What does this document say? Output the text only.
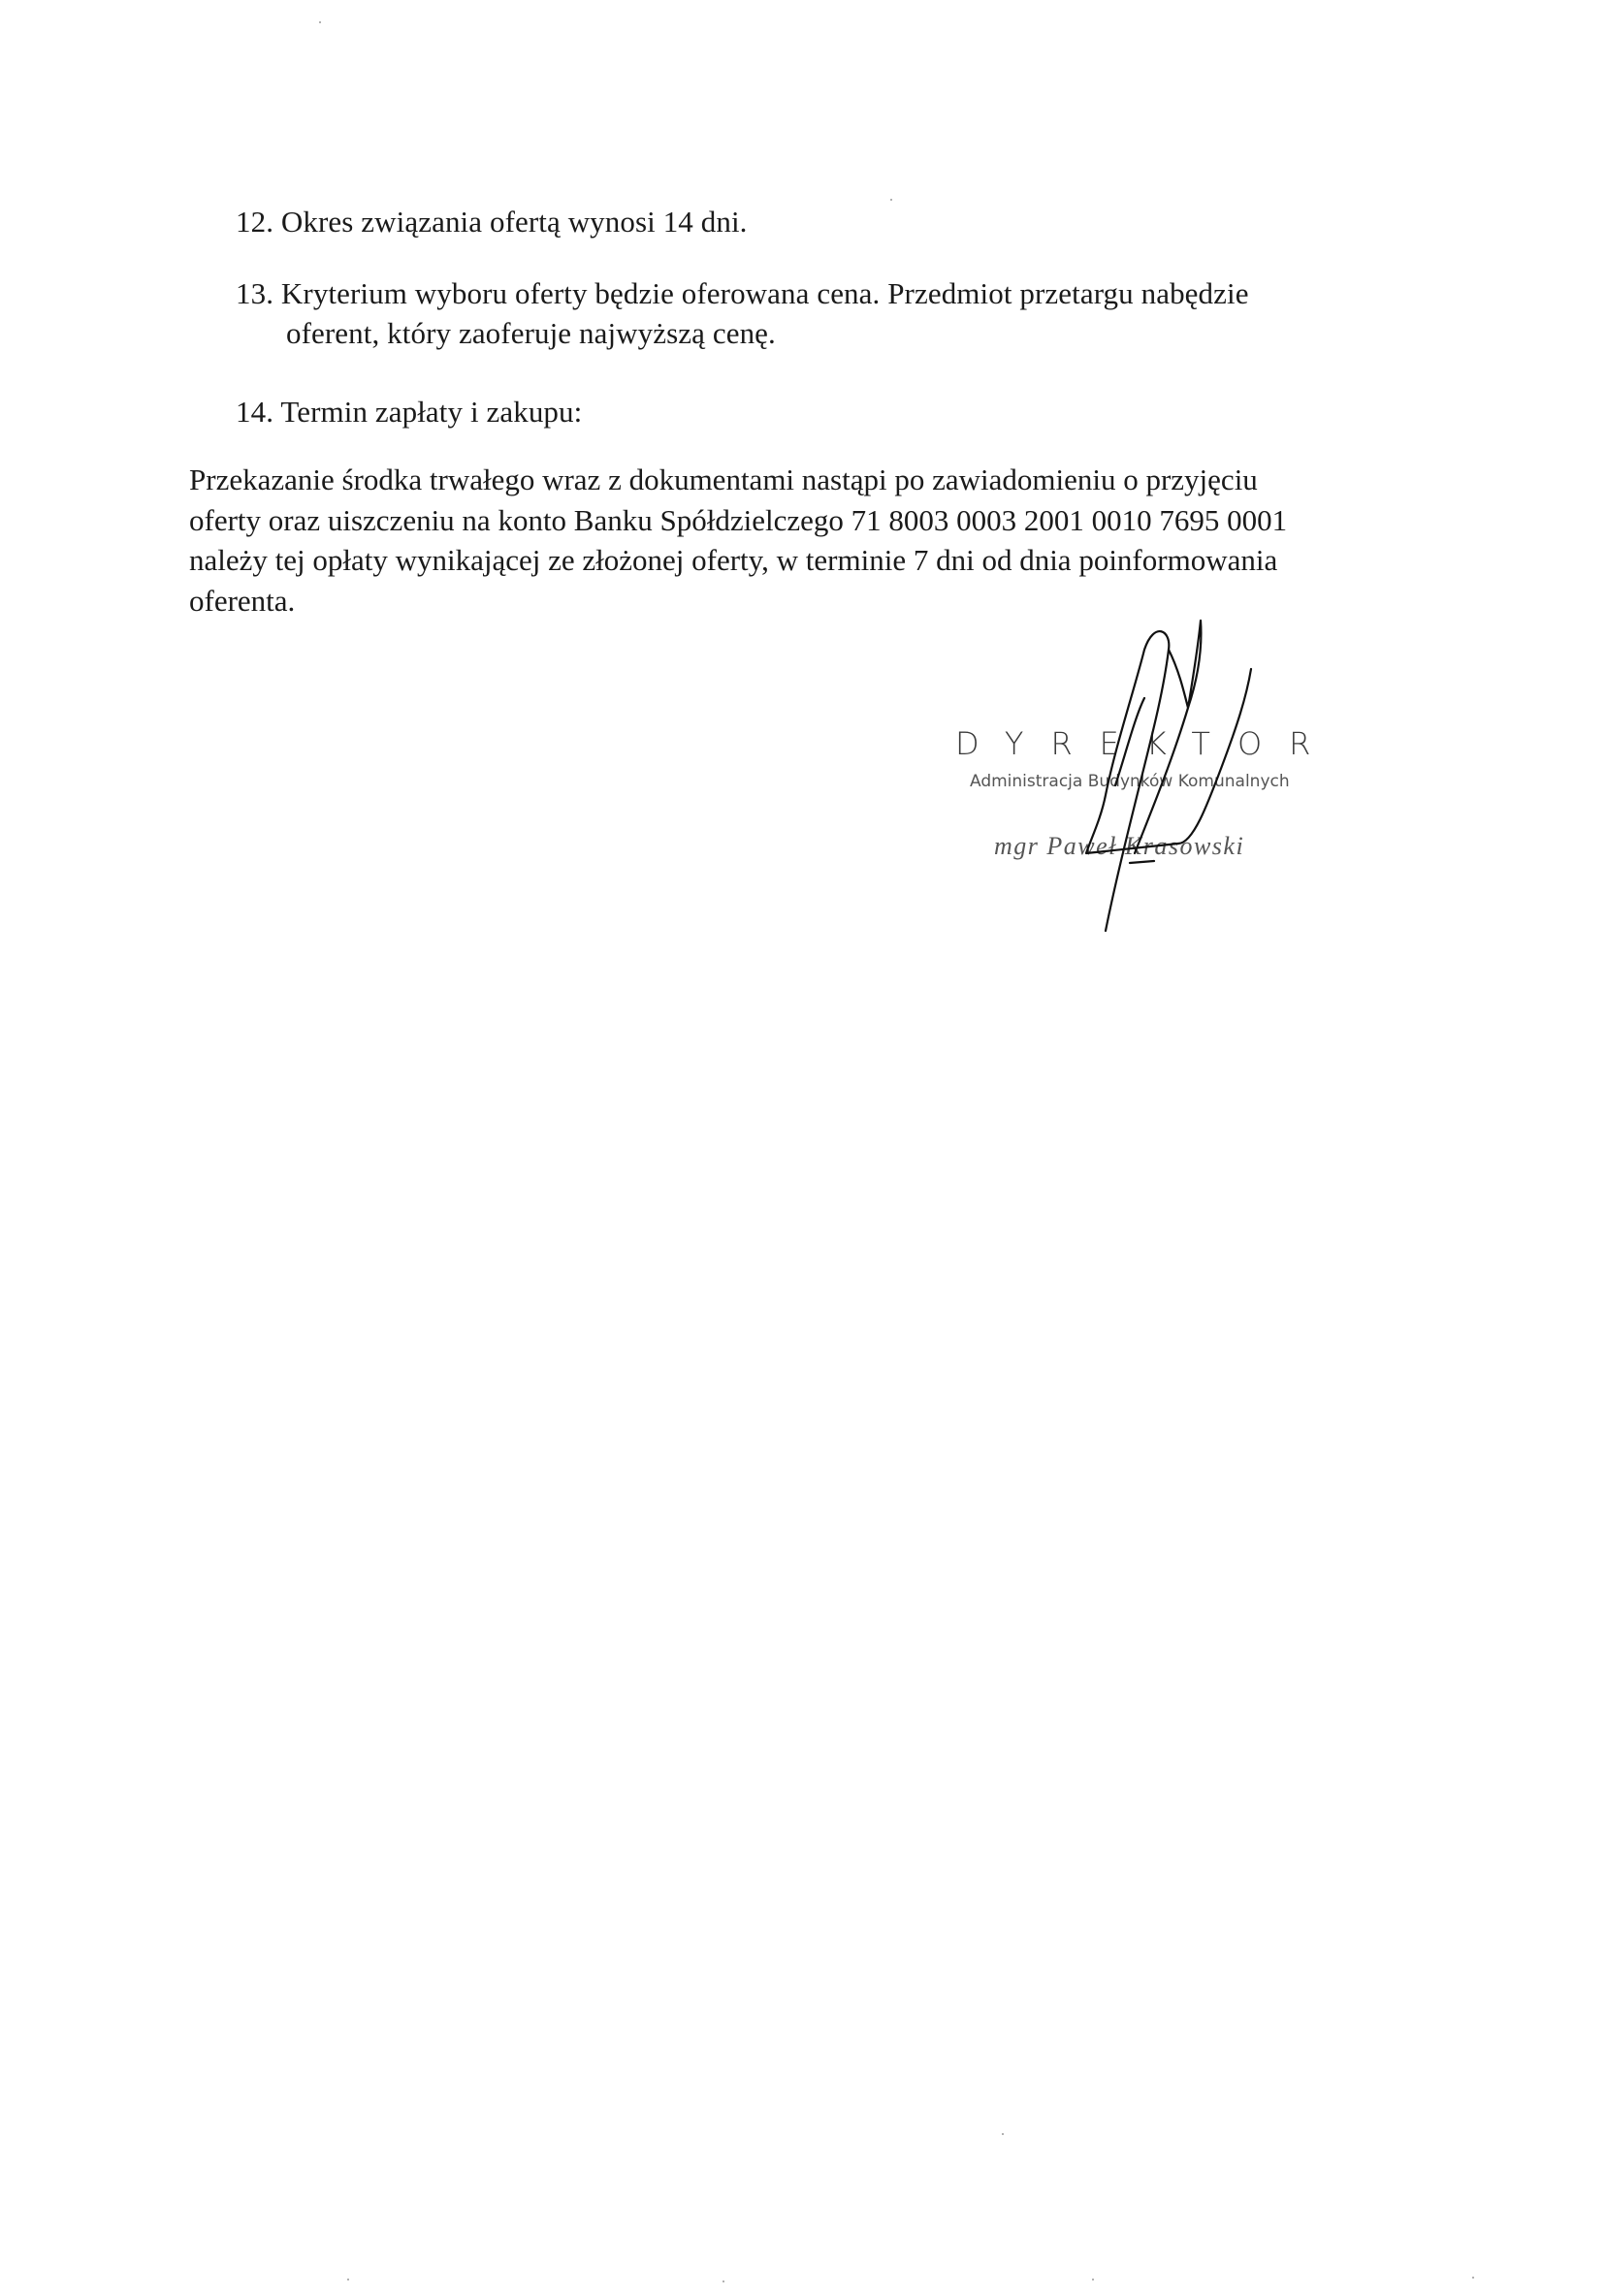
12. Okres związania ofertą wynosi 14 dni.
13. Kryterium wyboru oferty będzie oferowana cena. Przedmiot przetargu nabędzie
oferent, który zaoferuje najwyższą cenę.
14. Termin zapłaty i zakupu:
Przekazanie środka trwałego wraz z dokumentami nastąpi po zawiadomieniu o przyjęciu
oferty oraz uiszczeniu na konto Banku Spółdzielczego 71 8003 0003 2001 0010 7695 0001
należy tej opłaty wynikającej ze złożonej oferty, w terminie 7 dni od dnia poinformowania
oferenta.
DYREKTOR
Administracja Budynków Komunalnych
mgr Paweł Krasowski
